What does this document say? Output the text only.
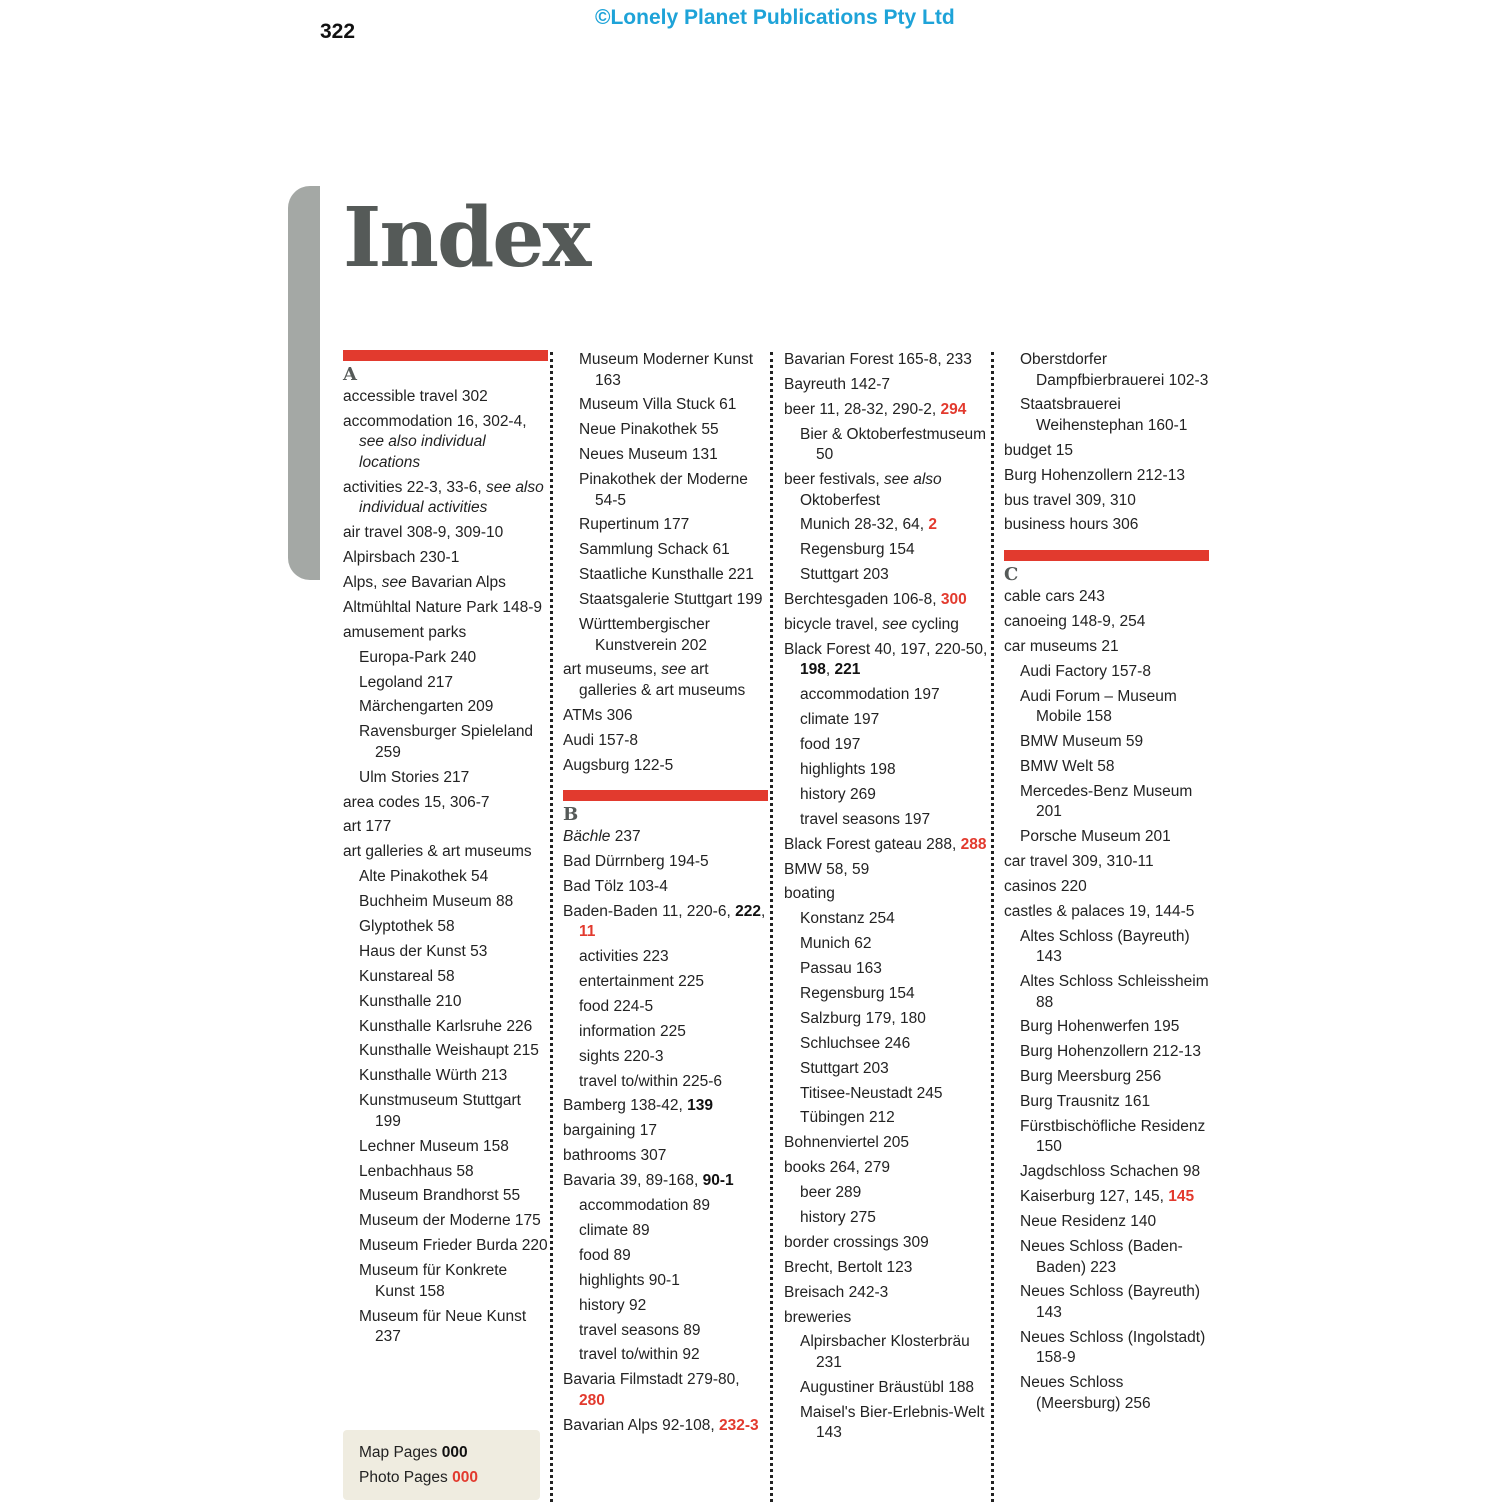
322
©Lonely Planet Publications Pty Ltd
Index
A
accessible travel 302
accommodation 16, 302-4, see also individual locations
activities 22-3, 33-6, see also individual activities
air travel 308-9, 309-10
Alpirsbach 230-1
Alps, see Bavarian Alps
Altmühltal Nature Park 148-9
amusement parks
Europa-Park 240
Legoland 217
Märchengarten 209
Ravensburger Spieleland 259
Ulm Stories 217
area codes 15, 306-7
art 177
art galleries & art museums
Alte Pinakothek 54
Buchheim Museum 88
Glyptothek 58
Haus der Kunst 53
Kunstareal 58
Kunsthalle 210
Kunsthalle Karlsruhe 226
Kunsthalle Weishaupt 215
Kunsthalle Würth 213
Kunstmuseum Stuttgart 199
Lechner Museum 158
Lenbachhaus 58
Museum Brandhorst 55
Museum der Moderne 175
Museum Frieder Burda 220
Museum für Konkrete Kunst 158
Museum für Neue Kunst 237
Museum Moderner Kunst 163
Museum Villa Stuck 61
Neue Pinakothek 55
Neues Museum 131
Pinakothek der Moderne 54-5
Rupertinum 177
Sammlung Schack 61
Staatliche Kunsthalle 221
Staatsgalerie Stuttgart 199
Württembergischer Kunstverein 202
art museums, see art galleries & art museums
ATMs 306
Audi 157-8
Augsburg 122-5
B
Bächle 237
Bad Dürrnberg 194-5
Bad Tölz 103-4
Baden-Baden 11, 220-6, 222, 11
activities 223
entertainment 225
food 224-5
information 225
sights 220-3
travel to/within 225-6
Bamberg 138-42, 139
bargaining 17
bathrooms 307
Bavaria 39, 89-168, 90-1
accommodation 89
climate 89
food 89
highlights 90-1
history 92
travel seasons 89
travel to/within 92
Bavaria Filmstadt 279-80, 280
Bavarian Alps 92-108, 232-3
Bavarian Forest 165-8, 233
Bayreuth 142-7
beer 11, 28-32, 290-2, 294
Bier & Oktoberfestmuseum 50
beer festivals, see also Oktoberfest
Munich 28-32, 64, 2
Regensburg 154
Stuttgart 203
Berchtesgaden 106-8, 300
bicycle travel, see cycling
Black Forest 40, 197, 220-50, 198, 221
accommodation 197
climate 197
food 197
highlights 198
history 269
travel seasons 197
Black Forest gateau 288, 288
BMW 58, 59
boating
Konstanz 254
Munich 62
Passau 163
Regensburg 154
Salzburg 179, 180
Schluchsee 246
Stuttgart 203
Titisee-Neustadt 245
Tübingen 212
Bohnenviertel 205
books 264, 279
beer 289
history 275
border crossings 309
Brecht, Bertolt 123
Breisach 242-3
breweries
Alpirsbacher Klosterbräu 231
Augustiner Bräustübl 188
Maisel's Bier-Erlebnis-Welt 143
Oberstdorfer Dampfbierbrauerei 102-3
Staatsbrauerei Weihenstephan 160-1
budget 15
Burg Hohenzollern 212-13
bus travel 309, 310
business hours 306
C
cable cars 243
canoeing 148-9, 254
car museums 21
Audi Factory 157-8
Audi Forum – Museum Mobile 158
BMW Museum 59
BMW Welt 58
Mercedes-Benz Museum 201
Porsche Museum 201
car travel 309, 310-11
casinos 220
castles & palaces 19, 144-5
Altes Schloss (Bayreuth) 143
Altes Schloss Schleissheim 88
Burg Hohenwerfen 195
Burg Hohenzollern 212-13
Burg Meersburg 256
Burg Trausnitz 161
Fürstbischöfliche Residenz 150
Jagdschloss Schachen 98
Kaiserburg 127, 145, 145
Neue Residenz 140
Neues Schloss (Baden-Baden) 223
Neues Schloss (Bayreuth) 143
Neues Schloss (Ingolstadt) 158-9
Neues Schloss (Meersburg) 256
Map Pages 000
Photo Pages 000
